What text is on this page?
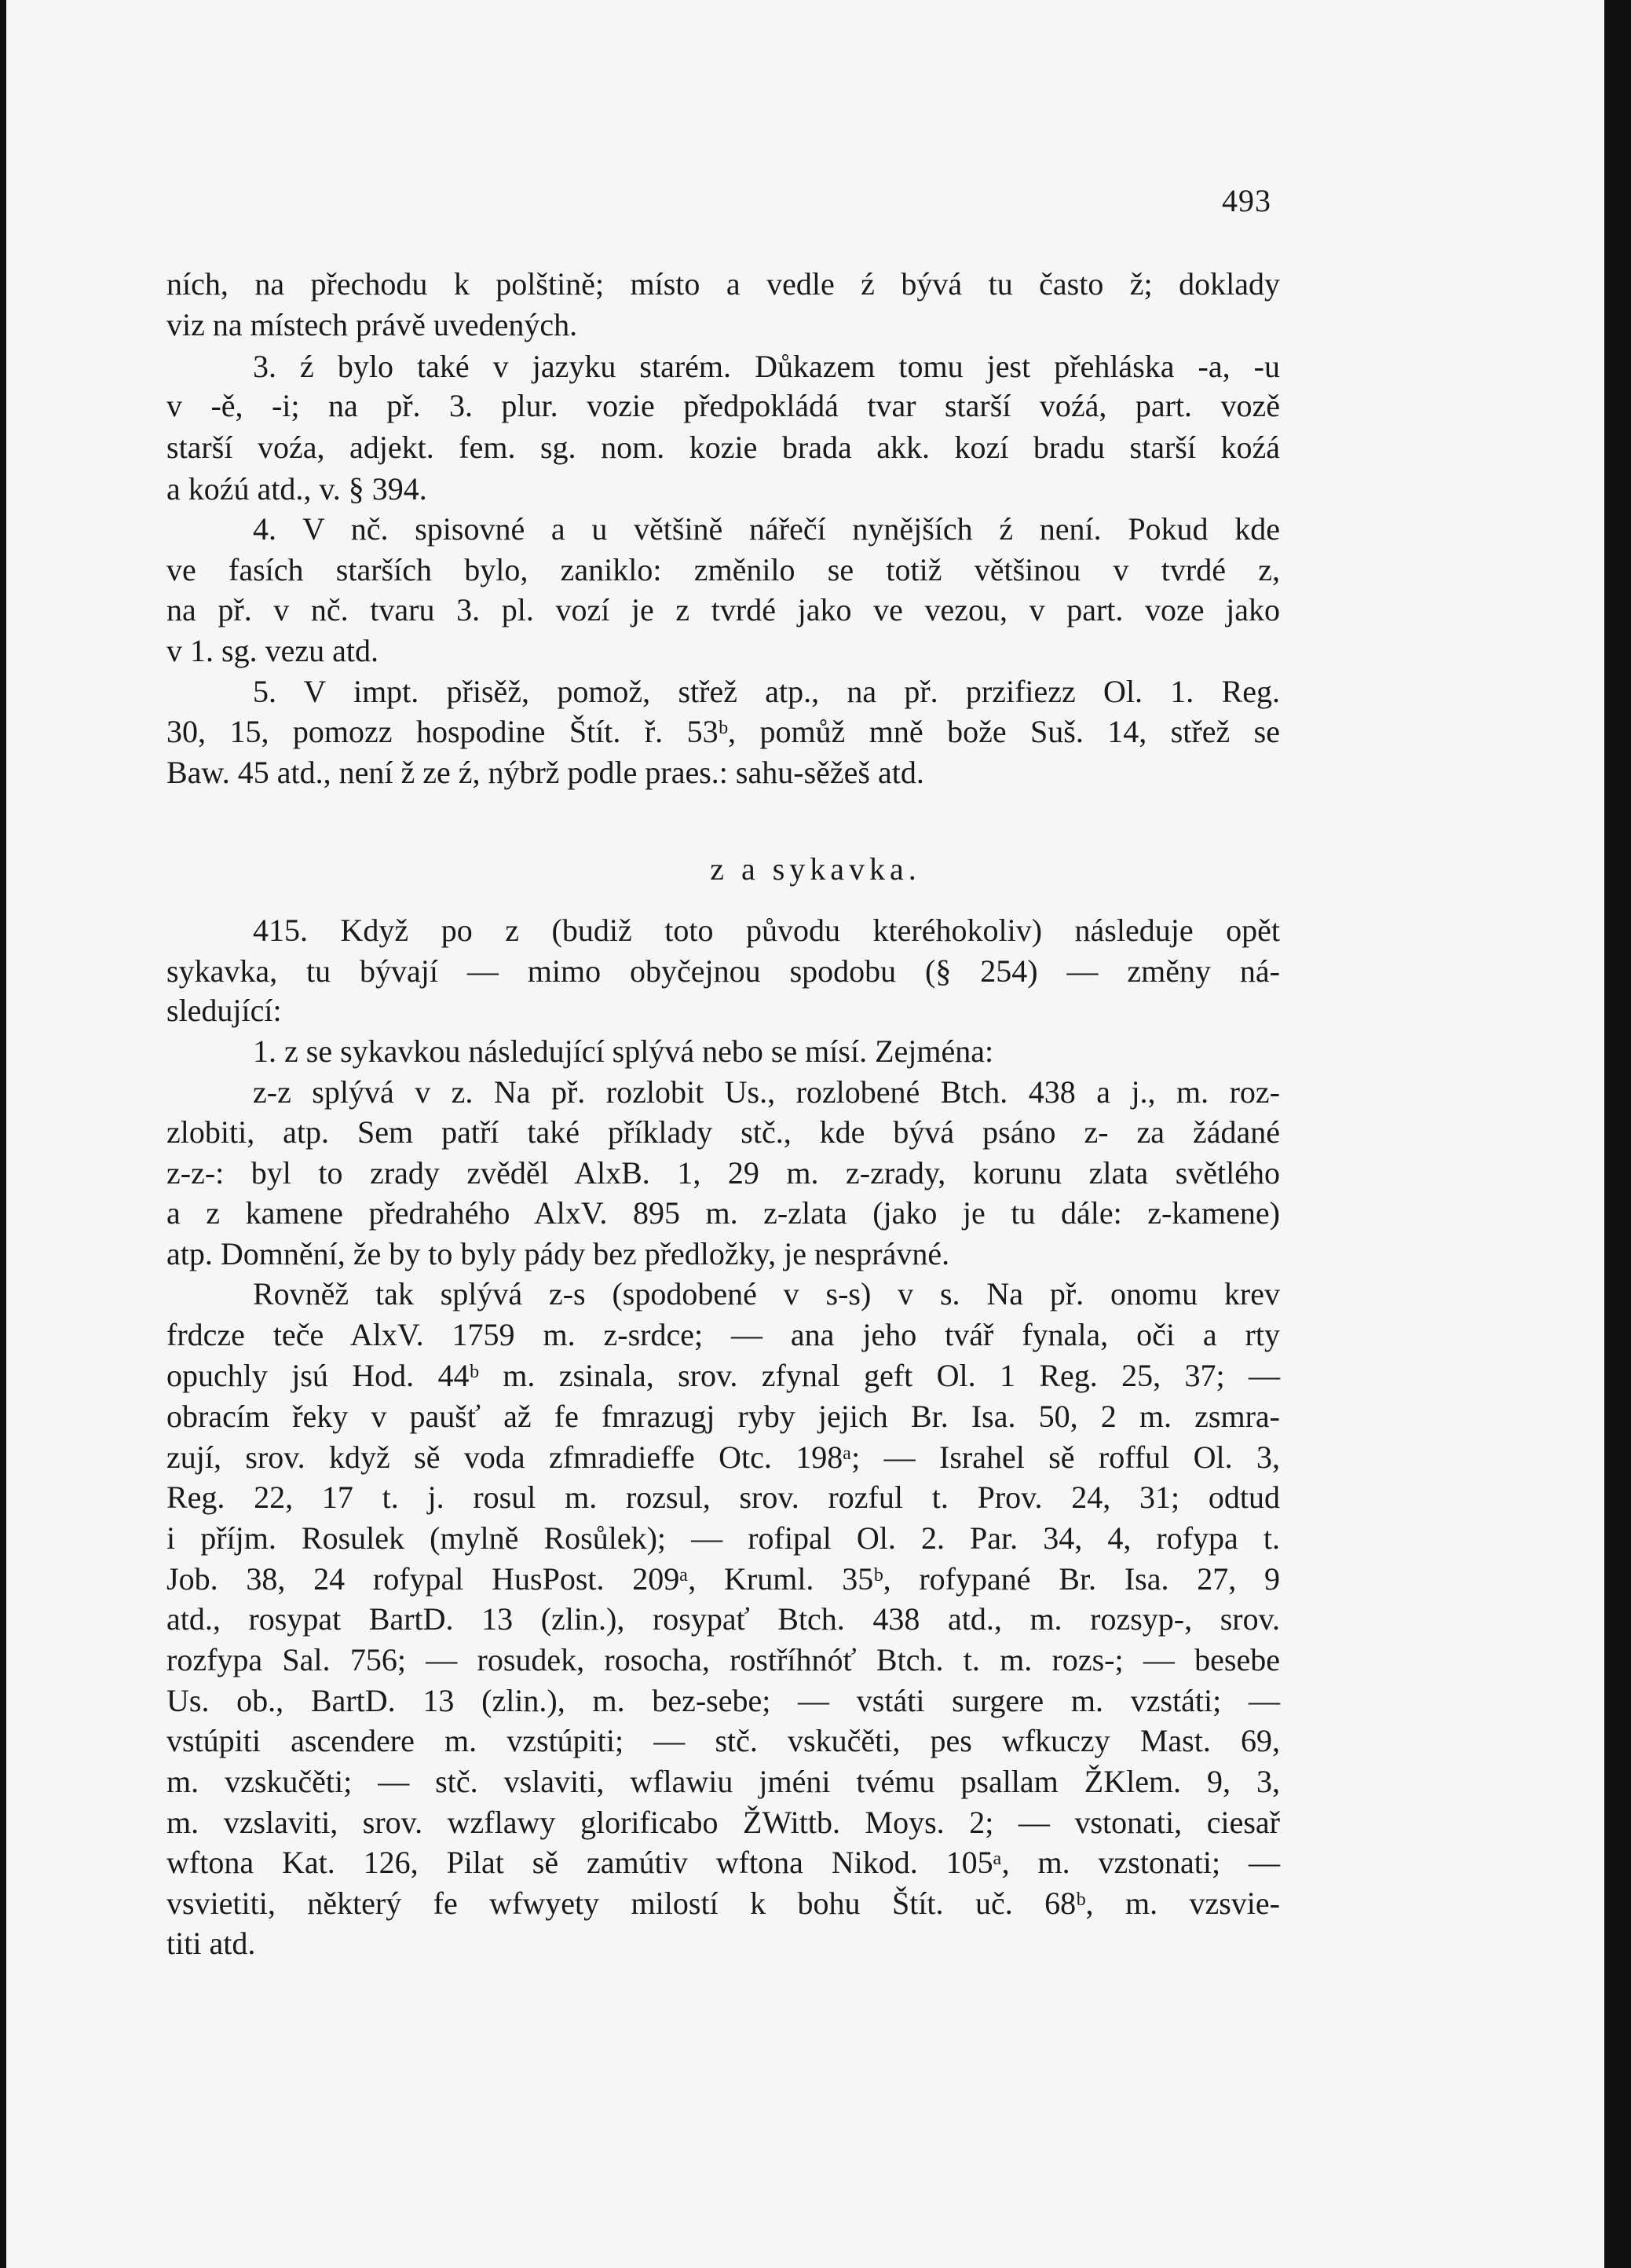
493
z a sykavka.
ních, na přechodu k polštině; místo a vedle ź bývá tu často ž; doklady
viz na místech právě uvedených.
3. ź bylo také v jazyku starém. Důkazem tomu jest přehláska -a, -u
v -ě, -i; na př. 3. plur. vozie předpokládá tvar starší voźá, part. vozě
starší voźa, adjekt. fem. sg. nom. kozie brada akk. kozí bradu starší koźá
a koźú atd., v. § 394.
4. V nč. spisovné a u většině nářečí nynějších ź není. Pokud kde
ve fasích starších bylo, zaniklo: změnilo se totiž většinou v tvrdé z,
na př. v nč. tvaru 3. pl. vozí je z tvrdé jako ve vezou, v part. voze jako
v 1. sg. vezu atd.
5. V impt. přisěž, pomož, střež atp., na př. przifiezz Ol. 1. Reg.
30, 15, pomozz hospodine Štít. ř. 53ᵇ, pomůž mně bože Suš. 14, střež se
Baw. 45 atd., není ž ze ź, nýbrž podle praes.: sahu-sěžeš atd.
415. Když po z (budiž toto původu kteréhokoliv) následuje opět
sykavka, tu bývají — mimo obyčejnou spodobu (§ 254) — změny ná-
sledující:
1. z se sykavkou následující splývá nebo se mísí. Zejména:
z-z splývá v z. Na př. rozlobit Us., rozlobené Btch. 438 a j., m. roz-
zlobiti, atp. Sem patří také příklady stč., kde bývá psáno z- za žádané
z-z-: byl to zrady zvěděl AlxB. 1, 29 m. z-zrady, korunu zlata světlého
a z kamene předrahého AlxV. 895 m. z-zlata (jako je tu dále: z-kamene)
atp. Domnění, že by to byly pády bez předložky, je nesprávné.
Rovněž tak splývá z-s (spodobené v s-s) v s. Na př. onomu krev
frdcze teče AlxV. 1759 m. z-srdce; — ana jeho tvář fynala, oči a rty
opuchly jsú Hod. 44ᵇ m. zsinala, srov. zfynal geft Ol. 1 Reg. 25, 37; —
obracím řeky v paušť až fe fmrazugj ryby jejich Br. Isa. 50, 2 m. zsmra-
zují, srov. když sě voda zfmradieffe Otc. 198ᵃ; — Israhel sě rofful Ol. 3,
Reg. 22, 17 t. j. rosul m. rozsul, srov. rozful t. Prov. 24, 31; odtud
i příjm. Rosulek (mylně Rosůlek); — rofipal Ol. 2. Par. 34, 4, rofypa t.
Job. 38, 24 rofypal HusPost. 209ᵃ, Kruml. 35ᵇ, rofypané Br. Isa. 27, 9
atd., rosypat BartD. 13 (zlin.), rosypať Btch. 438 atd., m. rozsyp-, srov.
rozfypa Sal. 756; — rosudek, rosocha, rostříhnóť Btch. t. m. rozs-; — besebe
Us. ob., BartD. 13 (zlin.), m. bez-sebe; — vstáti surgere m. vzstáti; —
vstúpiti ascendere m. vzstúpiti; — stč. vskučěti, pes wfkuczy Mast. 69,
m. vzskučěti; — stč. vslaviti, wflawiu jméni tvému psallam ŽKlem. 9, 3,
m. vzslaviti, srov. wzflawy glorificabo ŽWittb. Moys. 2; — vstonati, ciesař
wftona Kat. 126, Pilat sě zamútiv wftona Nikod. 105ᵃ, m. vzstonati; —
vsvietiti, některý fe wfwyety milostí k bohu Štít. uč. 68ᵇ, m. vzsvie-
titi atd.
